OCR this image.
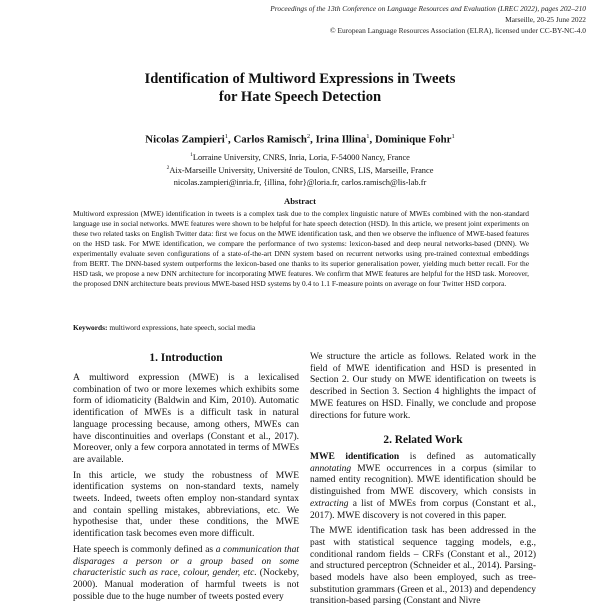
Proceedings of the 13th Conference on Language Resources and Evaluation (LREC 2022), pages 202–210
Marseille, 20-25 June 2022
© European Language Resources Association (ELRA), licensed under CC-BY-NC-4.0
Identification of Multiword Expressions in Tweets
for Hate Speech Detection
Nicolas Zampieri$^1$, Carlos Ramisch$^2$, Irina Illina$^1$, Dominique Fohr$^1$
$^1$Lorraine University, CNRS, Inria, Loria, F-54000 Nancy, France
$^2$Aix-Marseille University, Université de Toulon, CNRS, LIS, Marseille, France
nicolas.zampieri@inria.fr, {illina, fohr}@loria.fr, carlos.ramisch@lis-lab.fr
Abstract
Multiword expression (MWE) identification in tweets is a complex task due to the complex linguistic nature of MWEs combined with the non-standard language use in social networks. MWE features were shown to be helpful for hate speech detection (HSD). In this article, we present joint experiments on these two related tasks on English Twitter data: first we focus on the MWE identification task, and then we observe the influence of MWE-based features on the HSD task. For MWE identification, we compare the performance of two systems: lexicon-based and deep neural networks-based (DNN). We experimentally evaluate seven configurations of a state-of-the-art DNN system based on recurrent networks using pre-trained contextual embeddings from BERT. The DNN-based system outperforms the lexicon-based one thanks to its superior generalisation power, yielding much better recall. For the HSD task, we propose a new DNN architecture for incorporating MWE features. We confirm that MWE features are helpful for the HSD task. Moreover, the proposed DNN architecture beats previous MWE-based HSD systems by 0.4 to 1.1 F-measure points on average on four Twitter HSD corpora.
Keywords: multiword expressions, hate speech, social media
1. Introduction

A multiword expression (MWE) is a lexicalised combination of two or more lexemes which exhibits some form of idiomaticity (Baldwin and Kim, 2010). Automatic identification of MWEs is a difficult task in natural language processing because, among others, MWEs can have discontinuities and overlaps (Constant et al., 2017). Moreover, only a few corpora annotated in terms of MWEs are available.

In this article, we study the robustness of MWE identification systems on non-standard texts, namely tweets. Indeed, tweets often employ non-standard syntax and contain spelling mistakes, abbreviations, etc. We hypothesise that, under these conditions, the MWE identification task becomes even more difficult.

Hate speech is commonly defined as a communication that disparages a person or a group based on some characteristic such as race, colour, gender, etc. (Nockeby, 2000). Manual moderation of harmful tweets is not possible due to the huge number of tweets posted every

We structure the article as follows. Related work in the field of MWE identification and HSD is presented in Section 2. Our study on MWE identification on tweets is described in Section 3. Section 4 highlights the impact of MWE features on HSD. Finally, we conclude and propose directions for future work.

2. Related Work

MWE identification is defined as automatically annotating MWE occurrences in a corpus (similar to named entity recognition). MWE identification should be distinguished from MWE discovery, which consists in extracting a list of MWEs from corpus (Constant et al., 2017). MWE discovery is not covered in this paper.

The MWE identification task has been addressed in the past with statistical sequence tagging models, e.g., conditional random fields – CRFs (Constant et al., 2012) and structured perceptron (Schneider et al., 2014). Parsing-based models have also been employed, such as tree-substitution grammars (Green et al., 2013) and dependency transition-based parsing (Constant and Nivre
